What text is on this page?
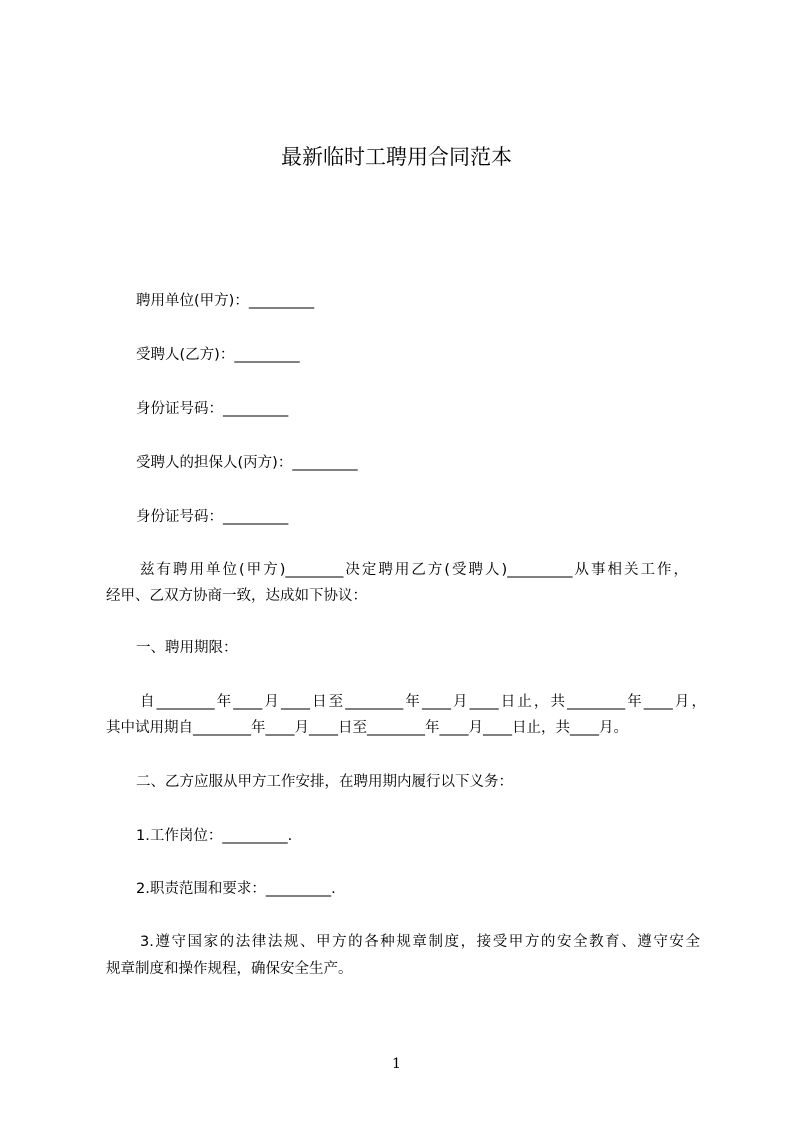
最新临时工聘用合同范本
聘用单位(甲方)：_________
受聘人(乙方)：_________
身份证号码：_________
受聘人的担保人(丙方)：_________
身份证号码：_________
兹有聘用单位(甲方)________决定聘用乙方(受聘人)_________从事相关工作，
经甲、乙双方协商一致，达成如下协议：
一、聘用期限：
自________年____月____日至________年____月____日止，共________年____月，
其中试用期自________年____月____日至________年____月____日止，共____月。
二、乙方应服从甲方工作安排，在聘用期内履行以下义务：
1.工作岗位：_________.
2.职责范围和要求：_________.
3.遵守国家的法律法规、甲方的各种规章制度，接受甲方的安全教育、遵守安全
规章制度和操作规程，确保安全生产。
1
